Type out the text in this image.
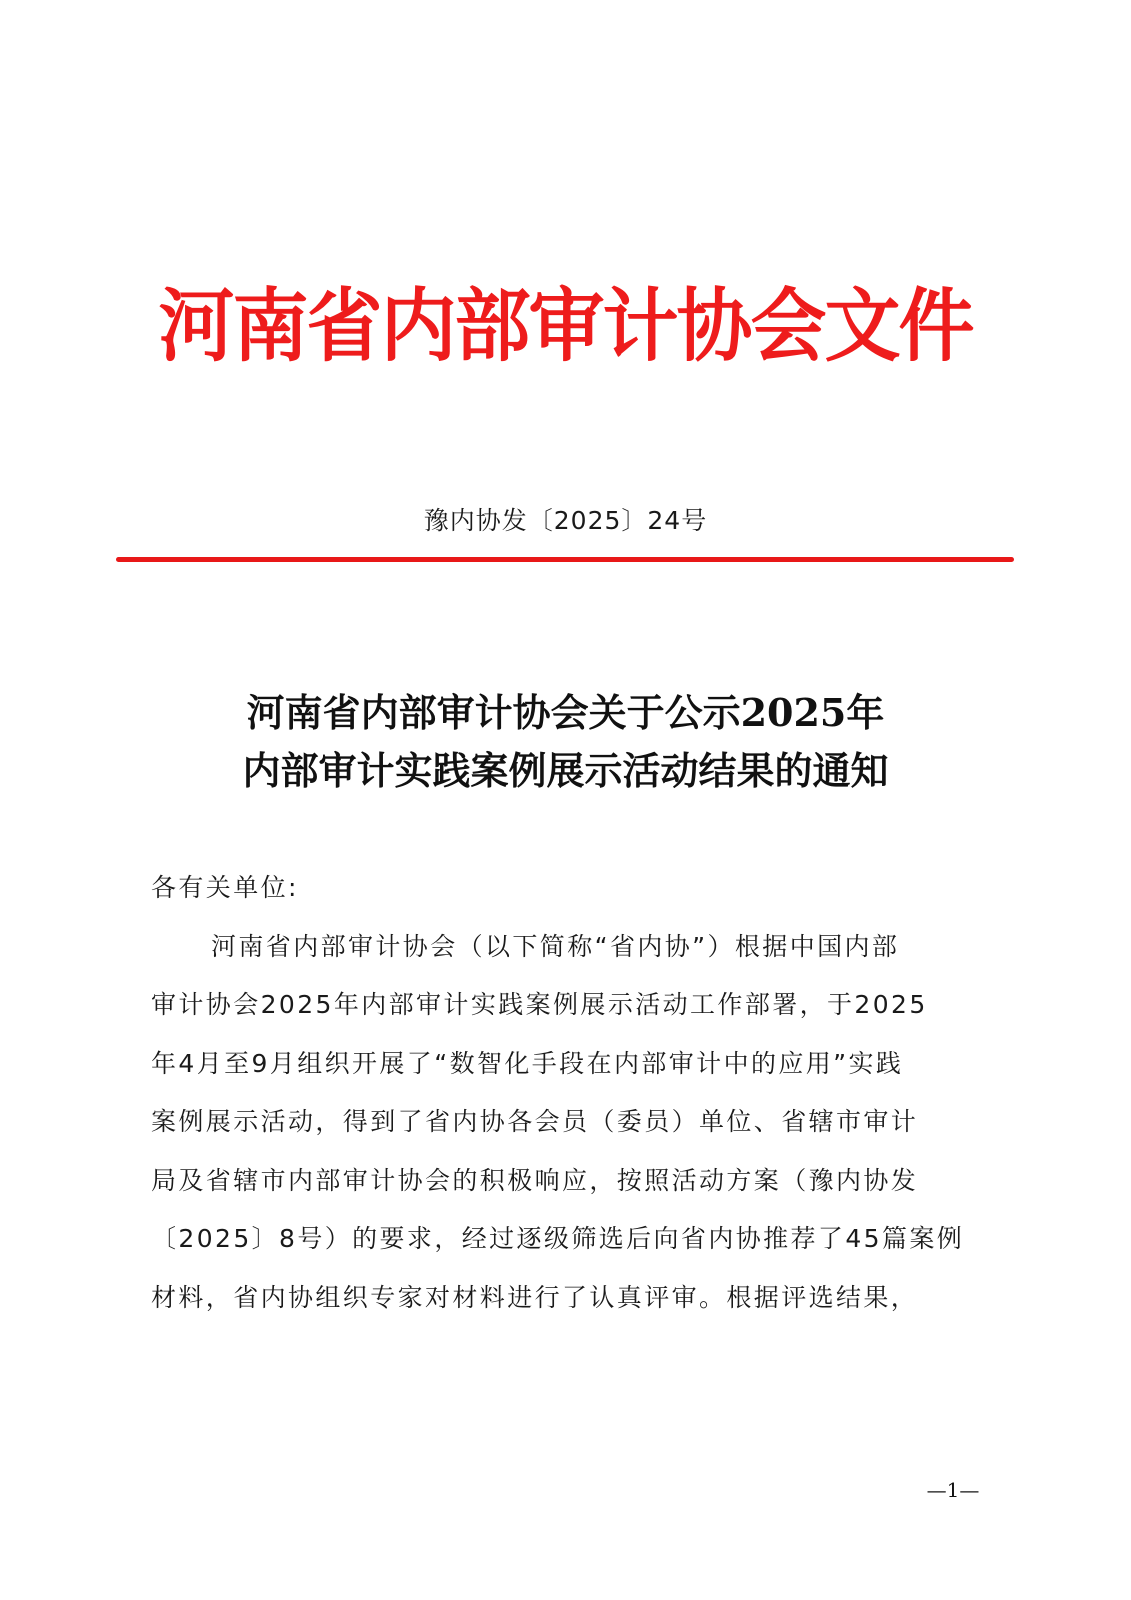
河南省内部审计协会文件
豫内协发〔2025〕24号
河南省内部审计协会关于公示2025年
内部审计实践案例展示活动结果的通知
各有关单位:
河南省内部审计协会（以下简称“省内协”）根据中国内部
审计协会2025年内部审计实践案例展示活动工作部署，于2025
年4月至9月组织开展了“数智化手段在内部审计中的应用”实践
案例展示活动，得到了省内协各会员（委员）单位、省辖市审计
局及省辖市内部审计协会的积极响应，按照活动方案（豫内协发
〔2025〕8号）的要求，经过逐级筛选后向省内协推荐了45篇案例
材料，省内协组织专家对材料进行了认真评审。根据评选结果，
—1—
